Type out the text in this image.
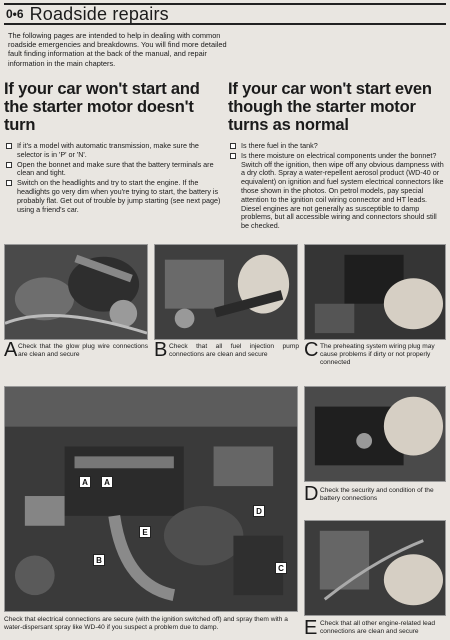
0•6 Roadside repairs

The following pages are intended to help in dealing with common roadside emergencies and breakdowns. You will find more detailed fault finding information at the back of the manual, and repair information in the main chapters.

If your car won't start and the starter motor doesn't turn
If it's a model with automatic transmission, make sure the selector is in 'P' or 'N'.
Open the bonnet and make sure that the battery terminals are clean and tight.
Switch on the headlights and try to start the engine. If the headlights go very dim when you're trying to start, the battery is probably flat. Get out of trouble by jump starting (see next page) using a friend's car.
If your car won't start even though the starter motor turns as normal
Is there fuel in the tank?
Is there moisture on electrical components under the bonnet? Switch off the ignition, then wipe off any obvious dampness with a dry cloth. Spray a water-repellent aerosol product (WD-40 or equivalent) on ignition and fuel system electrical connectors like those shown in the photos. On petrol models, pay special attention to the ignition coil wiring connector and HT leads. Diesel engines are not generally as susceptible to damp problems, but all accessible wiring and connectors should still be checked.
A Check that the glow plug wire connections are clean and secure	B Check that all fuel injection pump connections are clean and secure	C The preheating system wiring plug may cause problems if dirty or not properly connected

A	A
B
C
D
E

Check that electrical connections are secure (with the ignition switched off) and spray them with a water-dispersant spray like WD-40 if you suspect a problem due to damp.

D Check the security and condition of the battery connections

E Check that all other engine-related lead connections are clean and secure
